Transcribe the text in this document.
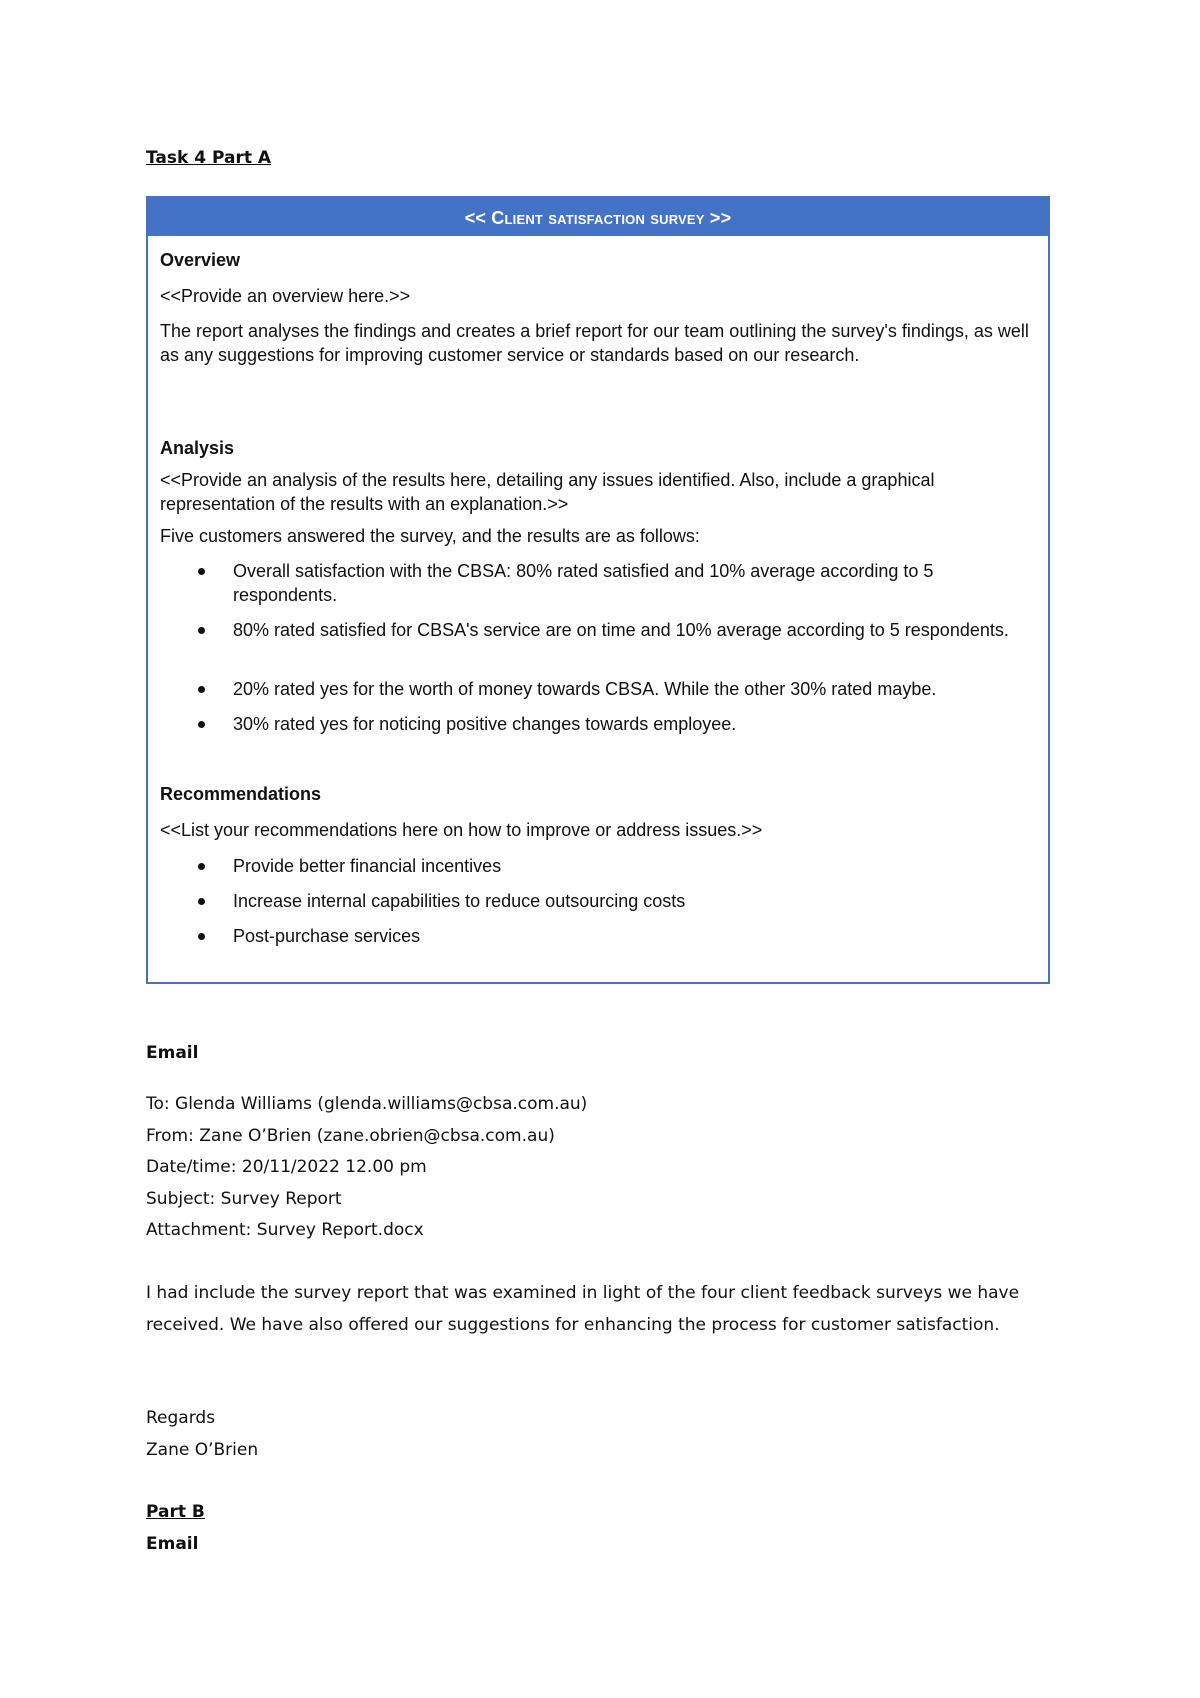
Task 4 Part A
<< Client satisfaction survey >>
Overview
<<Provide an overview here.>>
The report analyses the findings and creates a brief report for our team outlining the survey's findings, as well as any suggestions for improving customer service or standards based on our research.
Analysis
<<Provide an analysis of the results here, detailing any issues identified. Also, include a graphical representation of the results with an explanation.>>
Five customers answered the survey, and the results are as follows:
Overall satisfaction with the CBSA: 80% rated satisfied and 10% average according to 5 respondents.
80% rated satisfied for CBSA's service are on time and 10% average according to 5 respondents.
20% rated yes for the worth of money towards CBSA. While the other 30% rated maybe.
30% rated yes for noticing positive changes towards employee.
Recommendations
<<List your recommendations here on how to improve or address issues.>>
Provide better financial incentives
Increase internal capabilities to reduce outsourcing costs
Post-purchase services
Email
To: Glenda Williams (glenda.williams@cbsa.com.au)
From: Zane O’Brien (zane.obrien@cbsa.com.au)
Date/time: 20/11/2022 12.00 pm
Subject: Survey Report
Attachment: Survey Report.docx
I had include the survey report that was examined in light of the four client feedback surveys we have received. We have also offered our suggestions for enhancing the process for customer satisfaction.
Regards
Zane O’Brien
Part B
Email
